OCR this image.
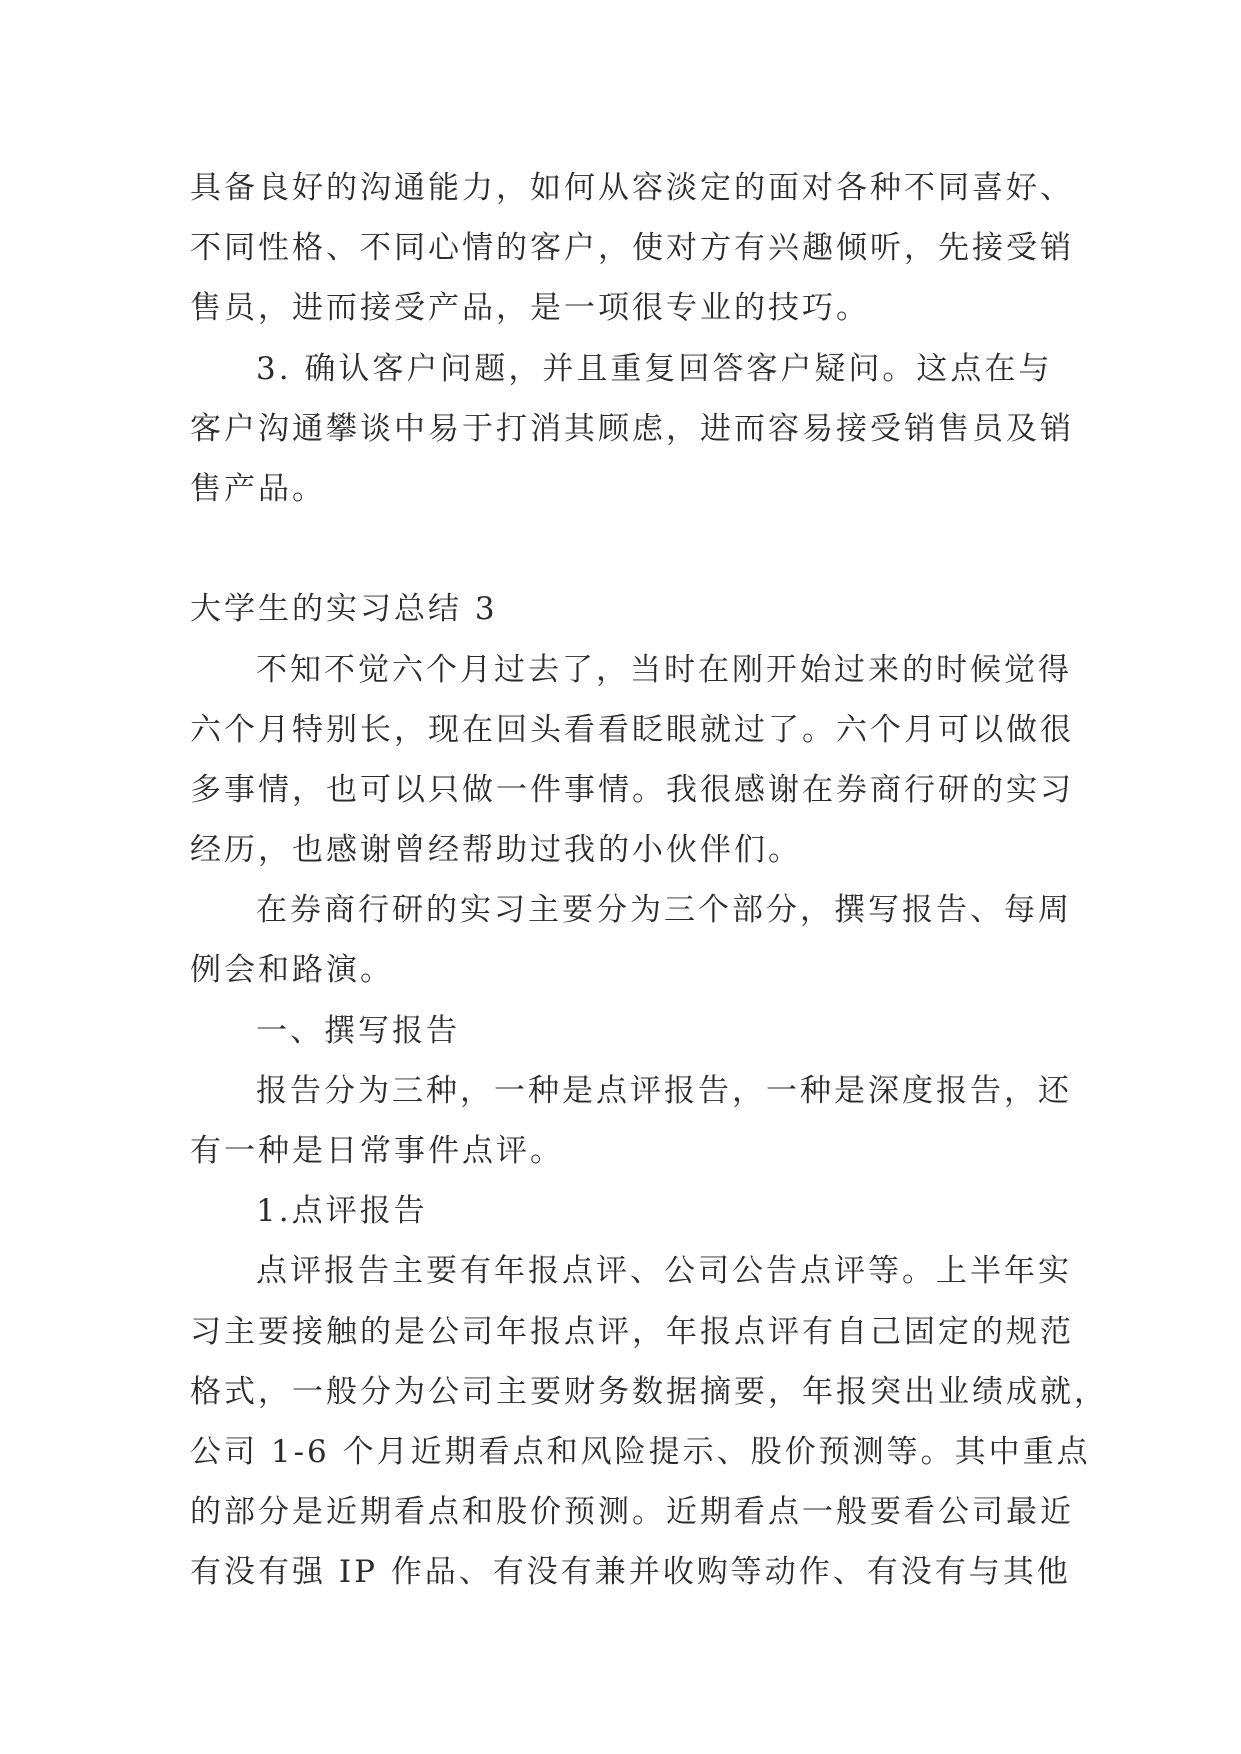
具备良好的沟通能力，如何从容淡定的面对各种不同喜好、
不同性格、不同心情的客户，使对方有兴趣倾听，先接受销
售员，进而接受产品，是一项很专业的技巧。
3. 确认客户问题，并且重复回答客户疑问。这点在与
客户沟通攀谈中易于打消其顾虑，进而容易接受销售员及销
售产品。
大学生的实习总结 3
不知不觉六个月过去了，当时在刚开始过来的时候觉得
六个月特别长，现在回头看看眨眼就过了。六个月可以做很
多事情，也可以只做一件事情。我很感谢在券商行研的实习
经历，也感谢曾经帮助过我的小伙伴们。
在券商行研的实习主要分为三个部分，撰写报告、每周
例会和路演。
一、撰写报告
报告分为三种，一种是点评报告，一种是深度报告，还
有一种是日常事件点评。
1.点评报告
点评报告主要有年报点评、公司公告点评等。上半年实
习主要接触的是公司年报点评，年报点评有自己固定的规范
格式，一般分为公司主要财务数据摘要，年报突出业绩成就，
公司 1-6 个月近期看点和风险提示、股价预测等。其中重点
的部分是近期看点和股价预测。近期看点一般要看公司最近
有没有强 IP 作品、有没有兼并收购等动作、有没有与其他
